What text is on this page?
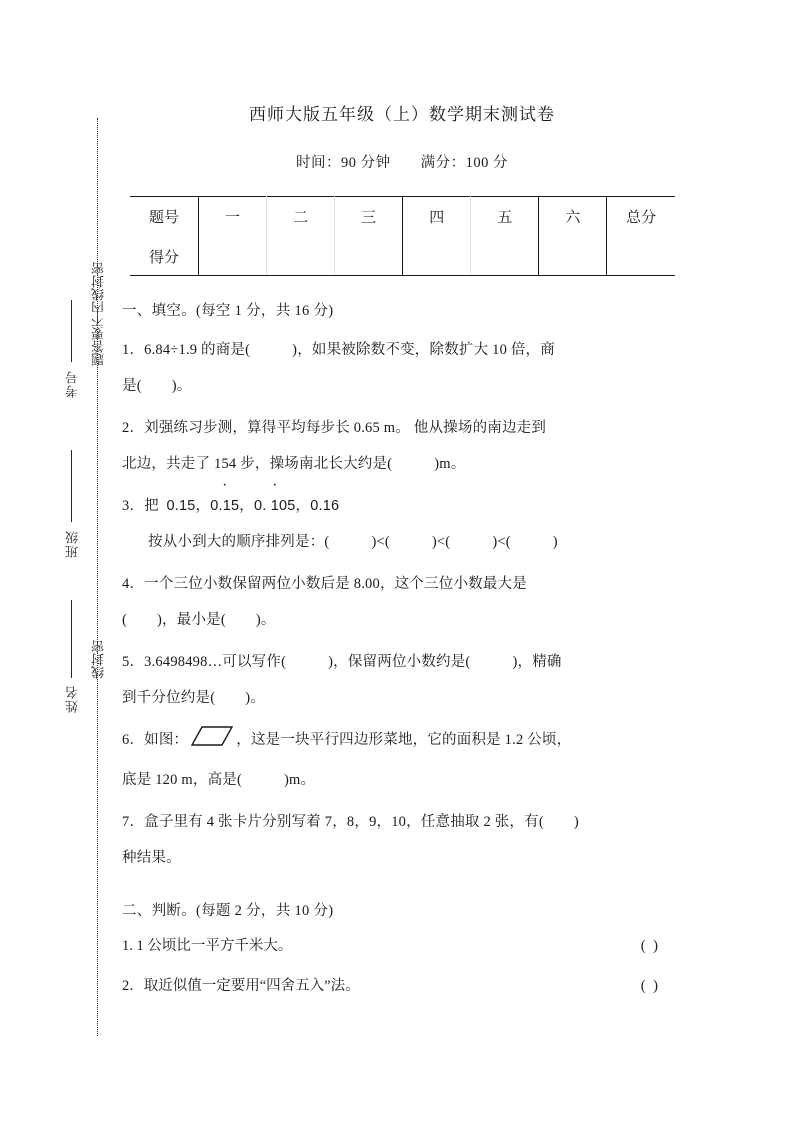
题答要不内线封密
线封密
考号
班级
姓名
西师大版五年级（上）数学期末测试卷
时间：90 分钟　　满分：100 分
题号	一	二	三	四	五	六	总分
得分							
一、填空。(每空 1 分，共 16 分)
1．6.84÷1.9 的商是(	)，如果被除数不变，除数扩大 10 倍，商
是( )。
2．刘强练习步测，算得平均每步长 0.65 m。 他从操场的南边走到
北边，共走了 154 步，操场南北长大约是(	)m。
3．把 0.15，0.15 ·，0. 105 ·，0.16
按从小到大的顺序排列是：(	)<(	)<(	)<(	)
4．一个三位小数保留两位小数后是 8.00，这个三位小数最大是
( )，最小是( )。
5．3.6498498…可以写作(	)，保留两位小数约是(	)，精确
到千分位约是( )。
6．如图：	，这是一块平行四边形菜地，它的面积是 1.2 公顷，
底是 120 m，高是(	)m。
7．盒子里有 4 张卡片分别写着 7，8，9，10，任意抽取 2 张，有( )
种结果。
二、判断。(每题 2 分，共 10 分)
1. 1 公顷比一平方千米大。	( )
2．取近似值一定要用“四舍五入”法。	( )
